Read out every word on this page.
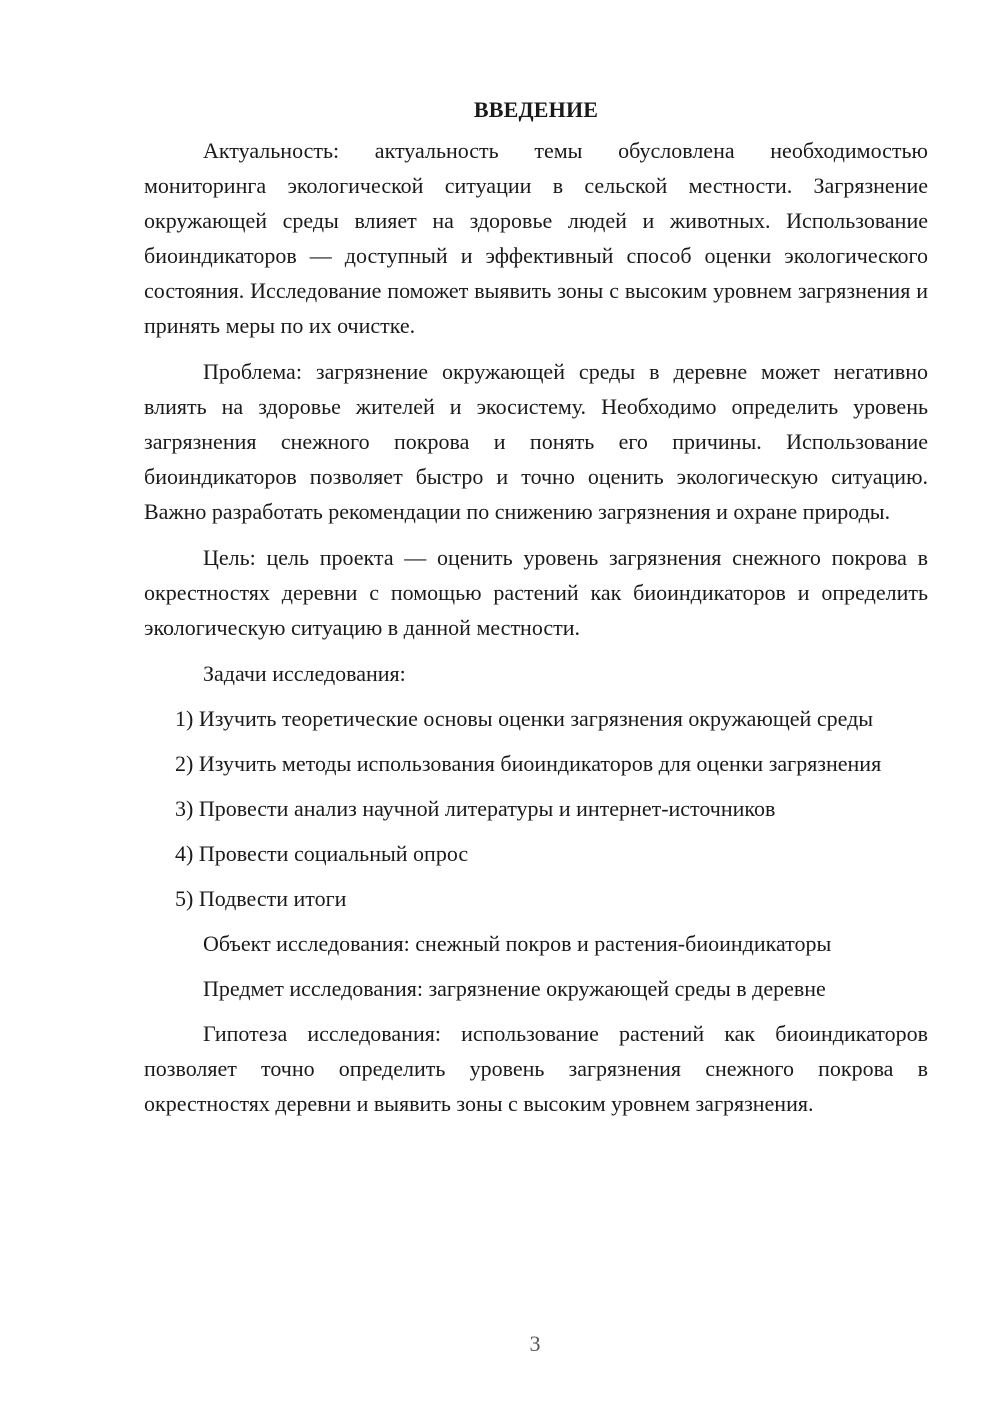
ВВЕДЕНИЕ

Актуальность: актуальность темы обусловлена необходимостью мониторинга экологической ситуации в сельской местности. Загрязнение окружающей среды влияет на здоровье людей и животных. Использование биоиндикаторов — доступный и эффективный способ оценки экологического состояния. Исследование поможет выявить зоны с высоким уровнем загрязнения и принять меры по их очистке.

Проблема: загрязнение окружающей среды в деревне может негативно влиять на здоровье жителей и экосистему. Необходимо определить уровень загрязнения снежного покрова и понять его причины. Использование биоиндикаторов позволяет быстро и точно оценить экологическую ситуацию. Важно разработать рекомендации по снижению загрязнения и охране природы.

Цель: цель проекта — оценить уровень загрязнения снежного покрова в окрестностях деревни с помощью растений как биоиндикаторов и определить экологическую ситуацию в данной местности.

Задачи исследования:

1) Изучить теоретические основы оценки загрязнения окружающей среды

2) Изучить методы использования биоиндикаторов для оценки загрязнения

3) Провести анализ научной литературы и интернет-источников

4) Провести социальный опрос

5) Подвести итоги

Объект исследования: снежный покров и растения-биоиндикаторы

Предмет исследования: загрязнение окружающей среды в деревне

Гипотеза исследования: использование растений как биоиндикаторов позволяет точно определить уровень загрязнения снежного покрова в окрестностях деревни и выявить зоны с высоким уровнем загрязнения.

3
